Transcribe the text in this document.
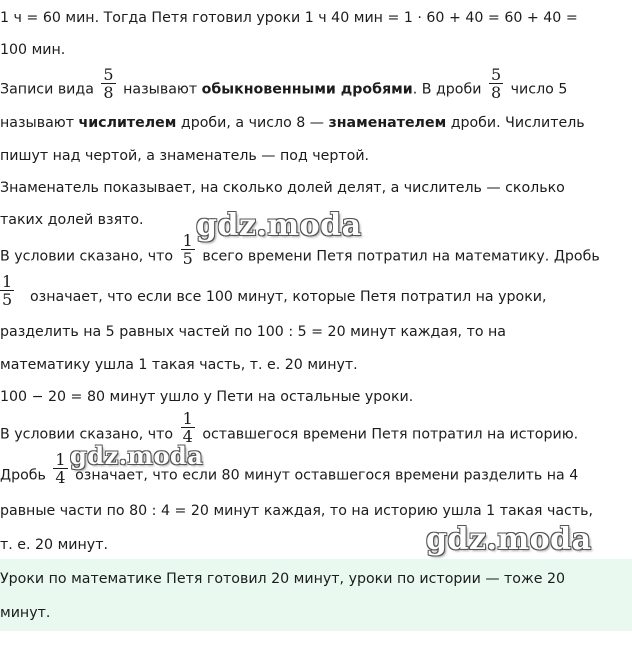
1 ч = 60 мин. Тогда Петя готовил уроки 1 ч 40 мин = 1 · 60 + 40 = 60 + 40 =
100 мин.
Записи вида $\frac{5}{8}$ называют обыкновенными дробями. В дроби $\frac{5}{8}$ число 5
называют числителем дроби, а число 8 — знаменателем дроби. Числитель
пишут над чертой, а знаменатель — под чертой.
Знаменатель показывает, на сколько долей делят, а числитель — сколько
таких долей взято.
В условии сказано, что $\frac{1}{5}$ всего времени Петя потратил на математику. Дробь
$\frac{1}{5}$ означает, что если все 100 минут, которые Петя потратил на уроки,
разделить на 5 равных частей по 100 : 5 = 20 минут каждая, то на
математику ушла 1 такая часть, т. е. 20 минут.
100 − 20 = 80 минут ушло у Пети на остальные уроки.
В условии сказано, что $\frac{1}{4}$ оставшегося времени Петя потратил на историю.
Дробь $\frac{1}{4}$ означает, что если 80 минут оставшегося времени разделить на 4
равные части по 80 : 4 = 20 минут каждая, то на историю ушла 1 такая часть,
т. е. 20 минут.
Уроки по математике Петя готовил 20 минут, уроки по истории — тоже 20
минут.
gdz.moda
gdz.moda
gdz.moda
